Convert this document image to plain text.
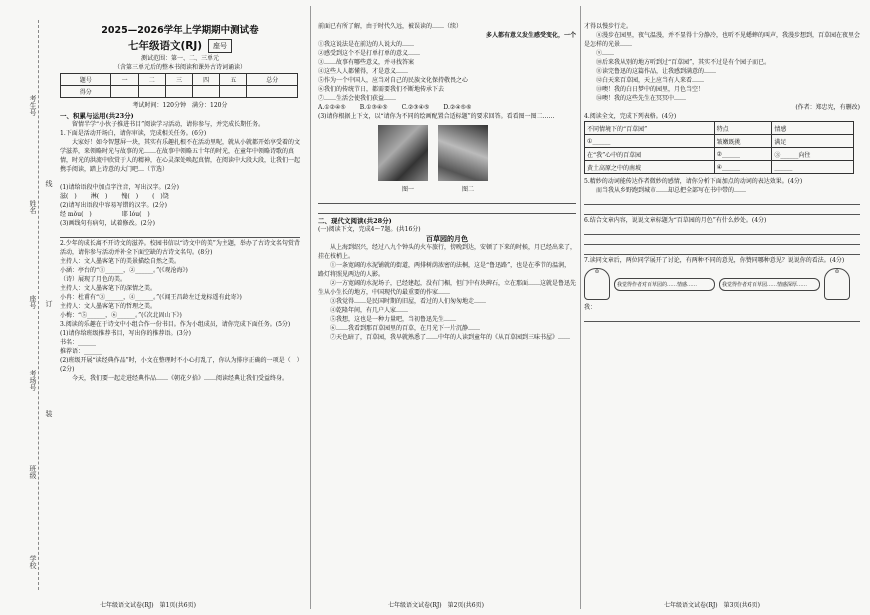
考生号
姓名
座号
考场号
班级
学校
线
订
装
2025—2026学年上学期期中测试卷
七年级语文(RJ)	座号
测试范围：第一、二、三单元
（含第三单元后的整本书阅读和课外古诗词诵读）
题号	一	二	三	四	五	总分
得分						
考试时间：120分钟　满分：120分

一、积累与运用(共23分)

　　留情半学“小伙子推进书目”阅读学习活动，请你参与，并完成长期任务。

1.下面是活动开场白，请你审读，完成相关任务。(6分)

　　大家好！如今智慧屏一块，其实有乐趣扎根不在活动里呢，就从小就都开始享受着的文学滋养，来领略时光与故事的光……在故事中领略五十年的时光，在童年中领略诗歌的真情，时光的洪流中欣赏于人的精神，在心灵深处唤起真情，在阅读中大段大段，让我们一起携手阅读，踏上诗意的大门吧…（节选）

(1)请给语段中加点字注音，写出汉字。(2分)

滋(　) 淋(　) 愧(　) (　)饶

(2)请写出语段中容易写错的汉字。(2分)

经 mǒu(　)	耶 lóu(　)

(3)画线句有病句，试着修改。(2分)

2.少年的成长离不开诗文的滋养。校园书信以“诗文中的美”为主题，举办了古诗文名句赏背活动，请你参与活动并补全下面空缺的古诗文名句。(8分)

主持人：文人墨客笔下的美景描绘自然之美。

小涵：亭台的“①______，②______。”(《观沧海》)

（诗）展现了月色的美。

主持人：文人墨客笔下的深情之美。

小冉：杜甫有“③______，④______。”(《闻王昌龄左迁龙标遥有此寄》)

主持人：文人墨客笔下的哲理之美。

小梅：“⑤______，⑥______。”(《次北固山下》)

3.阅读的乐趣在于诗文中小组合作一份书目。作为小组成员，请你完成下面任务。(5分)

(1)请你给班级推荐书目，写出你的推荐语。(3分)

书名：______

推荐语：______

(2)班级开展“读经典作品”时，小文在整理时不小心打乱了，你认为排序正确的一项是（　）(2分)

　　今天，我们要一起走进经典作品……《朝花夕拾》……阅读经典让我们受益终身。

七年级语文试卷(RJ)　第1页(共6页)

前面已有所了解，由于时代久远，被误读的……（续）

多人都有意义发生感受变化，一个

①我这说法是在前边的人说大的……

②感受到这个不是打单打单的意义……

③……故事有哪些意义，并寻找答案

④这些人人都懂得，才是意义……

⑤作为一个中国人，应当对自己的民族文化保持敬畏之心

⑥我们的传统节日，都需要我们不断地传承下去

⑦……生活会使我们获益……

A.①②④⑤ B.①③④⑤ C.②③④⑤ D.②④⑤⑥

(3)请你根据上下文，以“请你为不同的绘画配置合适标题”的要求回答。看看图一图二……

图一	图二

二、现代文阅读(共28分)

(一)阅读下文，完成4～7题。(共16分)

百草园的月色

　　从上海到绍兴，经过八九个钟头的火车旅行，傍晚到达，安顿了下来的时候，月已经出来了，挂在枝梢上。

　　①一条宽阔的水泥铺就的街道，两排树荫浓密的法桐，这是“鲁迅路”，也是在季节的温润，路灯将照见两边的人影。

　　②一方宽阔的水泥场子，已经建起，没有门楣，但门中有块碑石，立在那面……这就是鲁迅先生从小生长的地方，中国现代的最重要的作家……

　　③我觉得……是民国时期的旧屋，看过的人们匆匆地走……

　　④乾隆年间，有几户人家……

　　⑤我想，这也是一种力量吧，当初鲁迅先生……

　　⑥……我看到那百草园里的百草，在月光下一片沉静……

　　⑦天色暗了，百草园，我早就熟悉了……中年的人读到童年的《从百草园到三味书屋》……

七年级语文试卷(RJ)　第2页(共6页)

才得以慢步行走。

　　⑧漫步在园里，夜气温漫，并不显得十分静冷，也听不见蟋蟀的叫声，我漫步想到，百草园在夜里会是怎样的光景……

　　⑨……

　　⑩后来我从别的地方听到过“百草园”，其实不过是有个园子而已。

　　⑪读完鲁迅的这篇作品，让我感到满意的……

　　⑫白天来百草园，天上应当有人来看……

　　⑬噢！我的白日梦中的园里，月色当空！

　　⑭噢！我的这些先生在冥冥中……

(作者：郑忠宪，有删改)

4.阅读全文，完成下列表格。(4分)

不同情境下的“百草园”	特点	情感
①______	皱嫩既挑	满足
在“我”心中的百草园	②______	③______向往
黄土高原之中的南坡	④______	______

5.精妙的动词能传达作者微妙的感情，请你分析下面加点的动词的表达效果。(4分)

　　而当我从乡野跑到城市……却总把全部写在书中带的……

6.结合文章内容，说说文章标题为“百草园的月色”有什么妙处。(4分)

7.读同文章后，两位同学展开了讨论，有两种不同的意见，你赞同哪种意见？说说你的看法。(4分)

☺
我觉得作者对百草园的……情感……	我觉得作者对百草园……情感深厚……
☺

我：

七年级语文试卷(RJ)　第3页(共6页)
